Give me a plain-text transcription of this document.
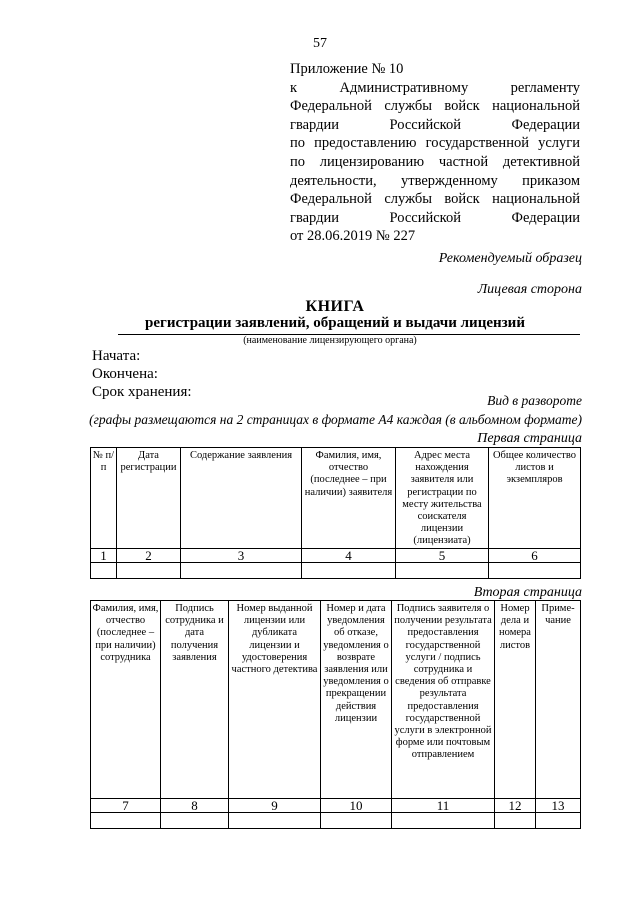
57
Приложение № 10
к Административному регламенту
Федеральной службы войск национальной
гвардии Российской Федерации
по предоставлению государственной услуги
по лицензированию частной детективной
деятельности, утвержденному приказом
Федеральной службы войск национальной
гвардии Российской Федерации
от 28.06.2019 № 227
Рекомендуемый образец
Лицевая сторона
КНИГА
регистрации заявлений, обращений и выдачи лицензий
(наименование лицензирующего органа)
Начата:
Окончена:
Срок хранения:
Вид в развороте
(графы размещаются на 2 страницах в формате А4 каждая (в альбомном формате)
Первая страница
№ п/п	Дата регистрации	Содержание заявления	Фамилия, имя, отчество (последнее – при наличии) заявителя	Адрес места нахождения заявителя или регистрации по месту жительства соискателя лицензии (лицензиата)	Общее количество листов и экземпляров
1	2	3	4	5	6

Вторая страница
Фамилия, имя, отчество (последнее – при наличии) сотрудника	Подпись сотрудника и дата получения заявления	Номер выданной лицензии или дубликата лицензии и удостоверения частного детектива	Номер и дата уведомления об отказе, уведомления о возврате заявления или уведомления о прекращении действия лицензии	Подпись заявителя о получении результата предоставления государственной услуги / подпись сотрудника и сведения об отправке результата предоставления государственной услуги в электронной форме или почтовым отправлением	Номер дела и номера листов	Приме-чание
7	8	9	10	11	12	13
